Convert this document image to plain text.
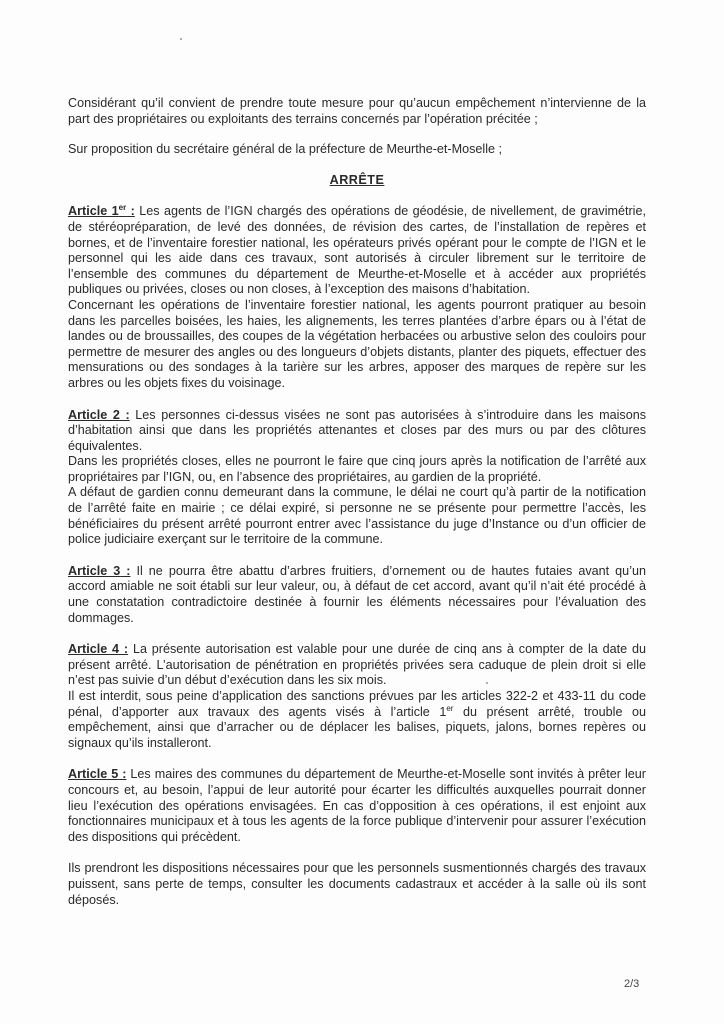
Considérant qu’il convient de prendre toute mesure pour qu’aucun empêchement n’intervienne de la part des propriétaires ou exploitants des terrains concernés par l’opération précitée ;

Sur proposition du secrétaire général de la préfecture de Meurthe-et-Moselle ;

ARRÊTE

Article 1er : Les agents de l’IGN chargés des opérations de géodésie, de nivellement, de gravimétrie, de stéréopréparation, de levé des données, de révision des cartes, de l’installation de repères et bornes, et de l’inventaire forestier national, les opérateurs privés opérant pour le compte de l’IGN et le personnel qui les aide dans ces travaux, sont autorisés à circuler librement sur le territoire de l’ensemble des communes du département de Meurthe-et-Moselle et à accéder aux propriétés publiques ou privées, closes ou non closes, à l’exception des maisons d’habitation.

Concernant les opérations de l’inventaire forestier national, les agents pourront pratiquer au besoin dans les parcelles boisées, les haies, les alignements, les terres plantées d’arbre épars ou à l’état de landes ou de broussailles, des coupes de la végétation herbacées ou arbustive selon des couloirs pour permettre de mesurer des angles ou des longueurs d’objets distants, planter des piquets, effectuer des mensurations ou des sondages à la tarière sur les arbres, apposer des marques de repère sur les arbres ou les objets fixes du voisinage.

Article 2 : Les personnes ci-dessus visées ne sont pas autorisées à s’introduire dans les maisons d’habitation ainsi que dans les propriétés attenantes et closes par des murs ou par des clôtures équivalentes.

Dans les propriétés closes, elles ne pourront le faire que cinq jours après la notification de l’arrêté aux propriétaires par l’IGN, ou, en l’absence des propriétaires, au gardien de la propriété.

A défaut de gardien connu demeurant dans la commune, le délai ne court qu’à partir de la notification de l’arrêté faite en mairie ; ce délai expiré, si personne ne se présente pour permettre l’accès, les bénéficiaires du présent arrêté pourront entrer avec l’assistance du juge d’Instance ou d’un officier de police judiciaire exerçant sur le territoire de la commune.

Article 3 : Il ne pourra être abattu d’arbres fruitiers, d’ornement ou de hautes futaies avant qu’un accord amiable ne soit établi sur leur valeur, ou, à défaut de cet accord, avant qu’il n’ait été procédé à une constatation contradictoire destinée à fournir les éléments nécessaires pour l’évaluation des dommages.

Article 4 : La présente autorisation est valable pour une durée de cinq ans à compter de la date du présent arrêté. L’autorisation de pénétration en propriétés privées sera caduque de plein droit si elle n’est pas suivie d’un début d’exécution dans les six mois.

Il est interdit, sous peine d’application des sanctions prévues par les articles 322-2 et 433-11 du code pénal, d’apporter aux travaux des agents visés à l’article 1er du présent arrêté, trouble ou empêchement, ainsi que d’arracher ou de déplacer les balises, piquets, jalons, bornes repères ou signaux qu’ils installeront.

Article 5 : Les maires des communes du département de Meurthe-et-Moselle sont invités à prêter leur concours et, au besoin, l’appui de leur autorité pour écarter les difficultés auxquelles pourrait donner lieu l’exécution des opérations envisagées. En cas d’opposition à ces opérations, il est enjoint aux fonctionnaires municipaux et à tous les agents de la force publique d’intervenir pour assurer l’exécution des dispositions qui précèdent.

Ils prendront les dispositions nécessaires pour que les personnels susmentionnés chargés des travaux puissent, sans perte de temps, consulter les documents cadastraux et accéder à la salle où ils sont déposés.

2/3
